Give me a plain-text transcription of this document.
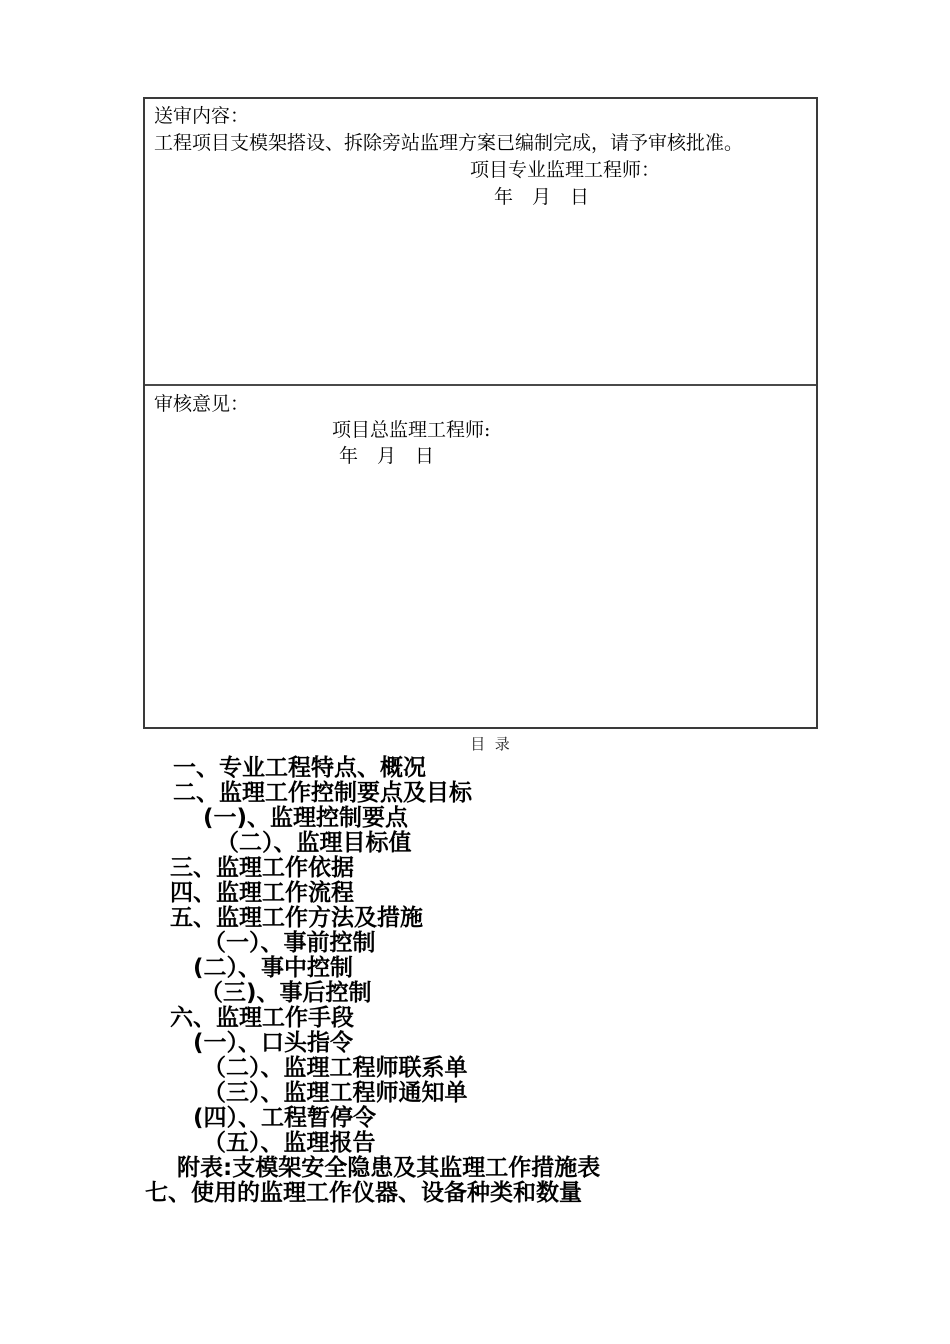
送审内容：
工程项目支模架搭设、拆除旁站监理方案已编制完成，请予审核批准。
项目专业监理工程师：
年　月　日
审核意见：
项目总监理工程师:
年　月　日
目  录
一、专业工程特点、概况
二、监理工作控制要点及目标
(一)、监理控制要点
（二）、监理目标值
三、监理工作依据
四、监理工作流程
五、监理工作方法及措施
（一）、事前控制
(二）、事中控制
（三)、事后控制
六、监理工作手段
(一）、口头指令
（二）、监理工程师联系单
（三）、监理工程师通知单
(四）、工程暂停令
（五）、监理报告
附表:支模架安全隐患及其监理工作措施表
七、使用的监理工作仪器、设备种类和数量
